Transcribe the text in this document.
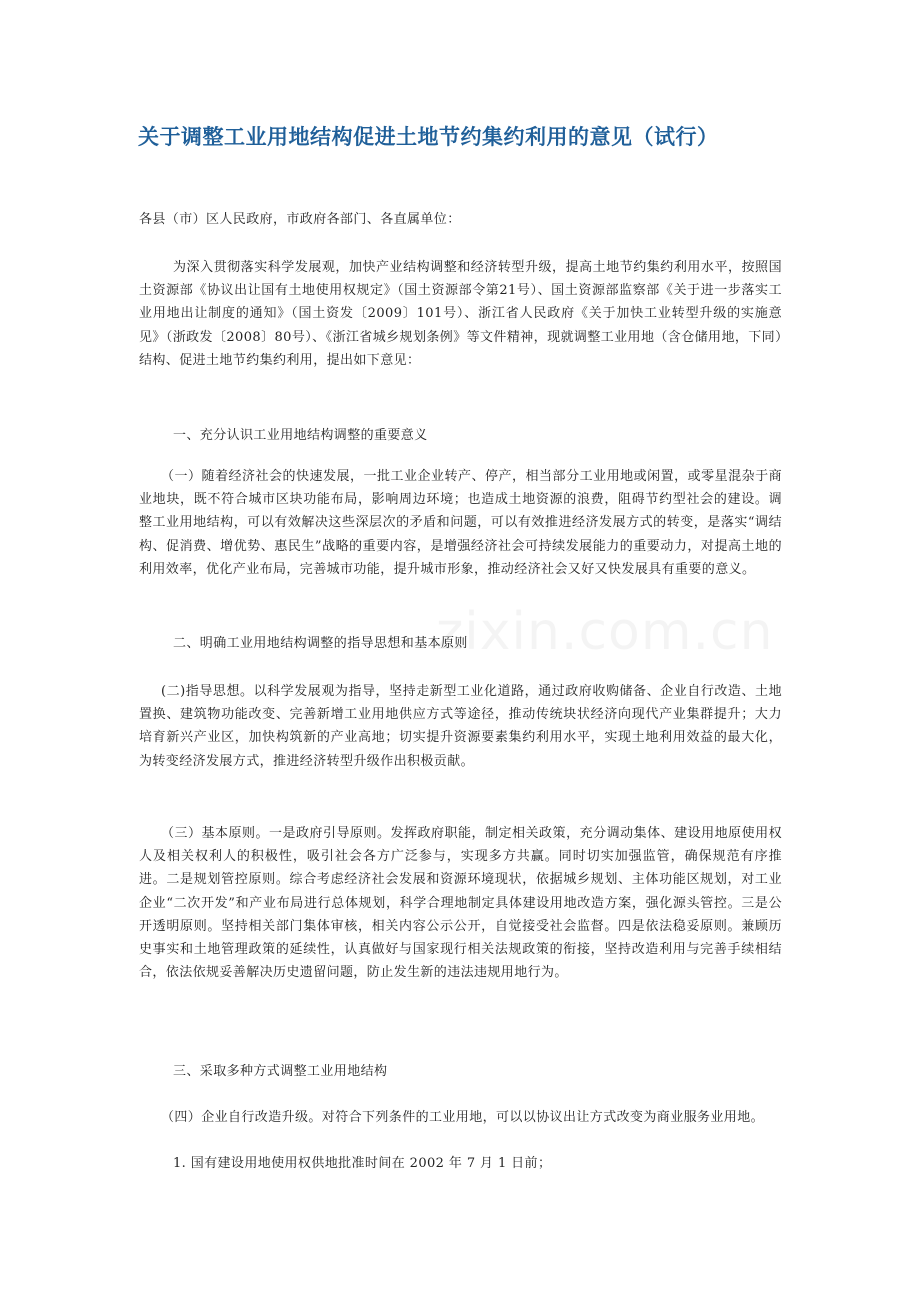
关于调整工业用地结构促进土地节约集约利用的意见（试行）
各县（市）区人民政府，市政府各部门、各直属单位：
为深入贯彻落实科学发展观，加快产业结构调整和经济转型升级，提高土地节约集约利用水平，按照国土资源部《协议出让国有土地使用权规定》（国土资源部令第21号）、国土资源部监察部《关于进一步落实工业用地出让制度的通知》（国土资发〔2009〕101号）、浙江省人民政府《关于加快工业转型升级的实施意见》（浙政发〔2008〕80号）、《浙江省城乡规划条例》等文件精神，现就调整工业用地（含仓储用地，下同）结构、促进土地节约集约利用，提出如下意见：
一、充分认识工业用地结构调整的重要意义
（一）随着经济社会的快速发展，一批工业企业转产、停产，相当部分工业用地或闲置，或零星混杂于商业地块，既不符合城市区块功能布局，影响周边环境；也造成土地资源的浪费，阻碍节约型社会的建设。调整工业用地结构，可以有效解决这些深层次的矛盾和问题，可以有效推进经济发展方式的转变，是落实“调结构、促消费、增优势、惠民生”战略的重要内容，是增强经济社会可持续发展能力的重要动力，对提高土地的利用效率，优化产业布局，完善城市功能，提升城市形象，推动经济社会又好又快发展具有重要的意义。
二、明确工业用地结构调整的指导思想和基本原则
(二)指导思想。以科学发展观为指导，坚持走新型工业化道路，通过政府收购储备、企业自行改造、土地置换、建筑物功能改变、完善新增工业用地供应方式等途径，推动传统块状经济向现代产业集群提升；大力培育新兴产业区，加快构筑新的产业高地；切实提升资源要素集约利用水平，实现土地利用效益的最大化，为转变经济发展方式，推进经济转型升级作出积极贡献。
（三）基本原则。一是政府引导原则。发挥政府职能，制定相关政策，充分调动集体、建设用地原使用权人及相关权利人的积极性，吸引社会各方广泛参与，实现多方共赢。同时切实加强监管，确保规范有序推进。二是规划管控原则。综合考虑经济社会发展和资源环境现状，依据城乡规划、主体功能区规划，对工业企业“二次开发”和产业布局进行总体规划，科学合理地制定具体建设用地改造方案，强化源头管控。三是公开透明原则。坚持相关部门集体审核，相关内容公示公开，自觉接受社会监督。四是依法稳妥原则。兼顾历史事实和土地管理政策的延续性，认真做好与国家现行相关法规政策的衔接，坚持改造利用与完善手续相结合，依法依规妥善解决历史遗留问题，防止发生新的违法违规用地行为。
三、采取多种方式调整工业用地结构
（四）企业自行改造升级。对符合下列条件的工业用地，可以以协议出让方式改变为商业服务业用地。
1. 国有建设用地使用权供地批准时间在 2002 年 7 月 1 日前；
